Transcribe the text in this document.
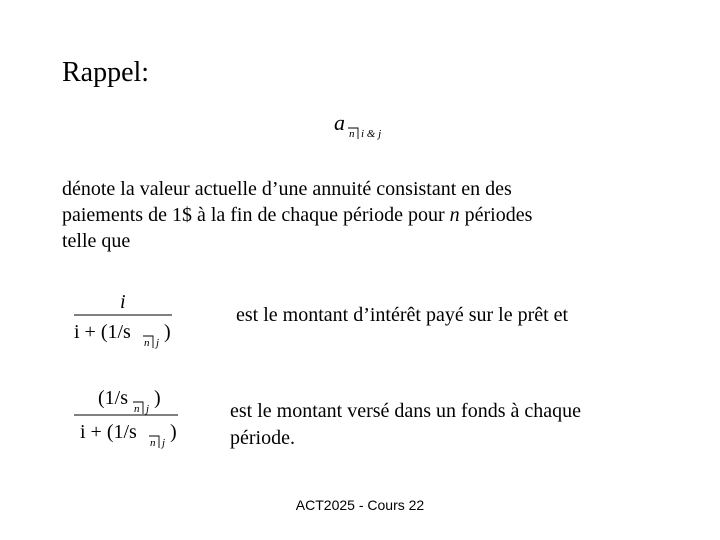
Rappel:
a n i & j
dénote la valeur actuelle d’une annuité consistant en des
paiements de 1$ à la fin de chaque période pour n périodes
telle que
i
i + (1/s n j )
est le montant d’intérêt payé sur le prêt et
(1/s n j )
i + (1/s n j )
est le montant versé dans un fonds à chaque
période.
ACT2025 - Cours 22
